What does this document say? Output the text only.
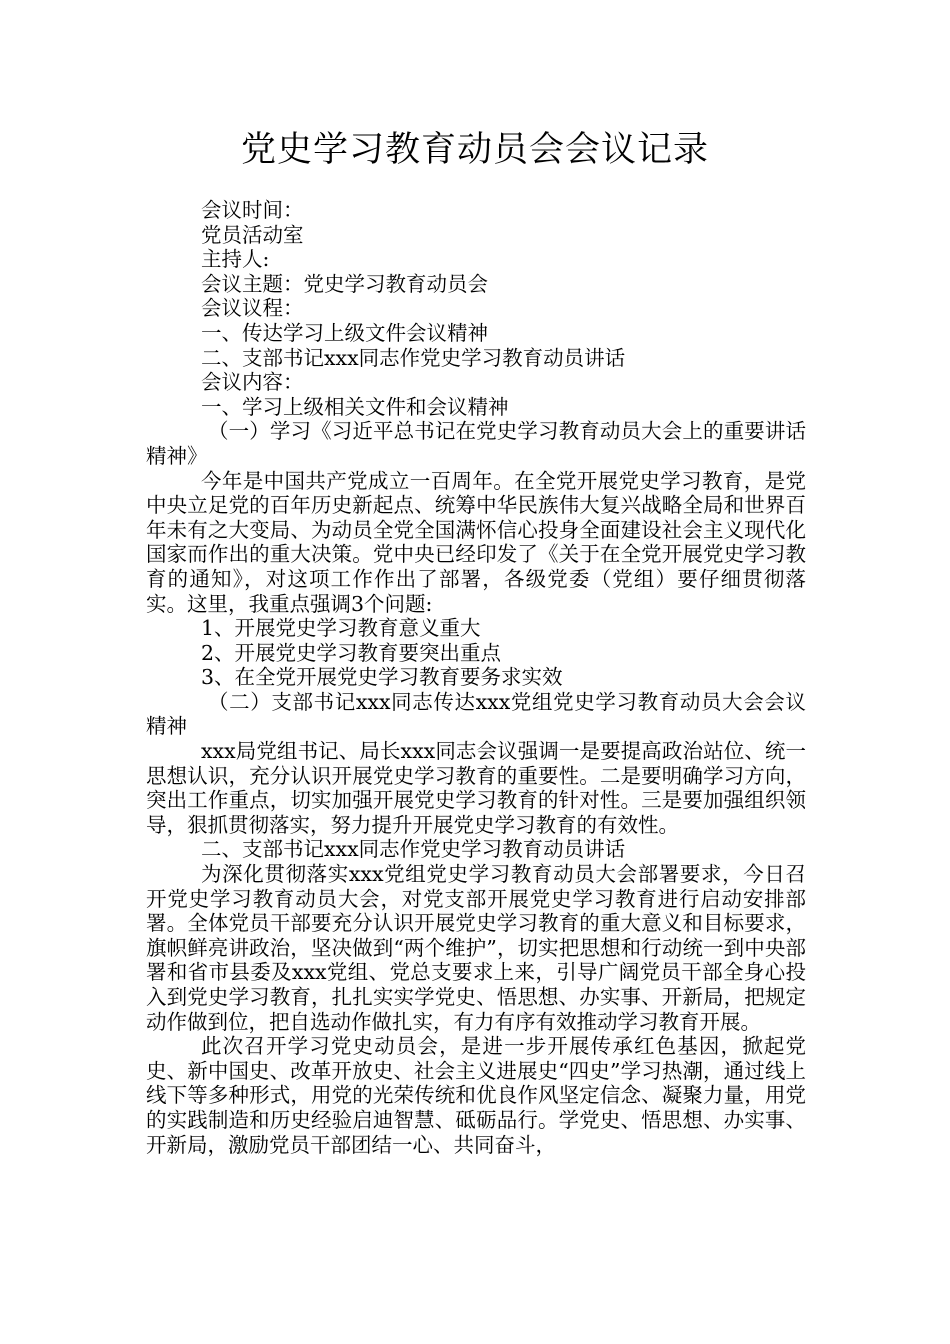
党史学习教育动员会会议记录

会议时间：

党员活动室

主持人:

会议主题：党史学习教育动员会

会议议程：

一、传达学习上级文件会议精神

二、支部书记xxx同志作党史学习教育动员讲话

会议内容：

一、学习上级相关文件和会议精神

（一）学习《习近平总书记在党史学习教育动员大会上的重要讲话精神》

今年是中国共产党成立一百周年。在全党开展党史学习教育，是党中央立足党的百年历史新起点、统筹中华民族伟大复兴战略全局和世界百年未有之大变局、为动员全党全国满怀信心投身全面建设社会主义现代化国家而作出的重大决策。党中央已经印发了《关于在全党开展党史学习教育的通知》，对这项工作作出了部署，各级党委（党组）要仔细贯彻落实。这里，我重点强调3个问题:

1、开展党史学习教育意义重大

2、开展党史学习教育要突出重点

3、在全党开展党史学习教育要务求实效

（二）支部书记xxx同志传达xxx党组党史学习教育动员大会会议精神

xxx局党组书记、局长xxx同志会议强调一是要提高政治站位、统一思想认识，充分认识开展党史学习教育的重要性。二是要明确学习方向，突出工作重点，切实加强开展党史学习教育的针对性。三是要加强组织领导，狠抓贯彻落实，努力提升开展党史学习教育的有效性。

二、支部书记xxx同志作党史学习教育动员讲话

为深化贯彻落实xxx党组党史学习教育动员大会部署要求，今日召开党史学习教育动员大会，对党支部开展党史学习教育进行启动安排部署。全体党员干部要充分认识开展党史学习教育的重大意义和目标要求，旗帜鲜亮讲政治，坚决做到“两个维护”，切实把思想和行动统一到中央部署和省市县委及xxx党组、党总支要求上来，引导广阔党员干部全身心投入到党史学习教育，扎扎实实学党史、悟思想、办实事、开新局，把规定动作做到位，把自选动作做扎实，有力有序有效推动学习教育开展。

此次召开学习党史动员会，是进一步开展传承红色基因，掀起党史、新中国史、改革开放史、社会主义进展史“四史”学习热潮，通过线上线下等多种形式，用党的光荣传统和优良作风坚定信念、凝聚力量，用党的实践制造和历史经验启迪智慧、砥砺品行。学党史、悟思想、办实事、开新局，激励党员干部团结一心、共同奋斗，
